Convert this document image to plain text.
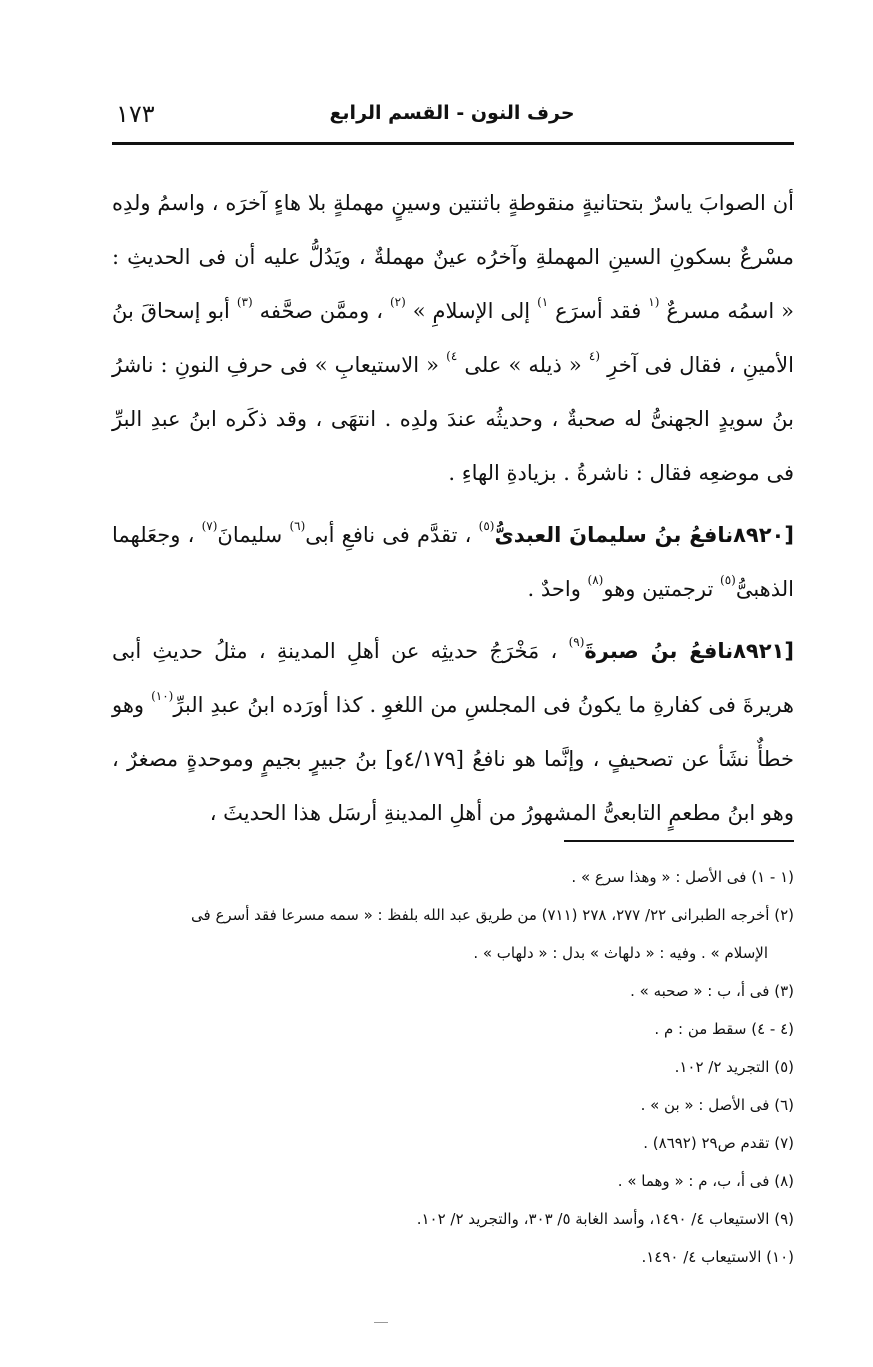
١٧٣	حرف النون - القسم الرابع

أن الصوابَ ياسرٌ بتحتانيةٍ منقوطةٍ باثنتين وسينٍ مهملةٍ بلا هاءٍ آخرَه ، واسمُ ولدِه مسْرعٌ بسكونِ السينِ المهملةِ وآخرُه عينٌ مهملةٌ ، ويَدُلُّ عليه أن فى الحديثِ : « اسمُه مسرعٌ $^{(١}$ فقد أسرَع $^{١)}$ إلى الإسلامِ » $^{(٢)}$ ، وممَّن صحَّفه $^{(٣)}$ أبو إسحاقَ بنُ الأمينِ ، فقال فى آخرِ $^{(٤}$ « ذيله » على $^{٤)}$ « الاستيعابِ » فى حرفِ النونِ : ناشرُ بنُ سويدٍ الجهنىُّ له صحبةٌ ، وحديثُه عندَ ولدِه . انتهَى ، وقد ذكَره ابنُ عبدِ البرِّ فى موضعِه فقال : ناشرةُ . بزيادةِ الهاءِ .

[٨٩٢٠نافعُ بنُ سليمانَ العبدىُّ$^{(٥)}$ ، تقدَّم فى نافعِ أبى$^{(٦)}$ سليمانَ$^{(٧)}$ ، وجعَلهما الذهبىُّ$^{(٥)}$ ترجمتين وهو$^{(٨)}$ واحدٌ .

[٨٩٢١نافعُ بنُ صبرةَ$^{(٩)}$ ، مَخْرَجُ حديثِه عن أهلِ المدينةِ ، مثلُ حديثِ أبى هريرةَ فى كفارةِ ما يكونُ فى المجلسِ من اللغوِ . كذا أورَده ابنُ عبدِ البرِّ$^{(١٠)}$ وهو خطأٌ نشَأ عن تصحيفٍ ، وإنَّما هو نافعُ [٤/١٧٩و] بنُ جبيرٍ بجيمٍ وموحدةٍ مصغرٌ ، وهو ابنُ مطعمٍ التابعىُّ المشهورُ من أهلِ المدينةِ أرسَل هذا الحديثَ ،

(١ - ١) فى الأصل : « وهذا سرع » .

(٢) أخرجه الطبرانى ٢٢/ ٢٧٧، ٢٧٨ (٧١١) من طريق عبد الله بلفظ : « سمه مسرعا فقد أسرع فى

الإسلام » . وفيه : « دلهاث » بدل : « دلهاب » .

(٣) فى أ، ب : « صحبه » .

(٤ - ٤) سقط من : م .

(٥) التجريد ٢/ ١٠٢.

(٦) فى الأصل : « بن » .

(٧) تقدم ص٢٩ (٨٦٩٢) .

(٨) فى أ، ب، م : « وهما » .

(٩) الاستيعاب ٤/ ١٤٩٠، وأسد الغابة ٥/ ٣٠٣، والتجريد ٢/ ١٠٢.

(١٠) الاستيعاب ٤/ ١٤٩٠.
